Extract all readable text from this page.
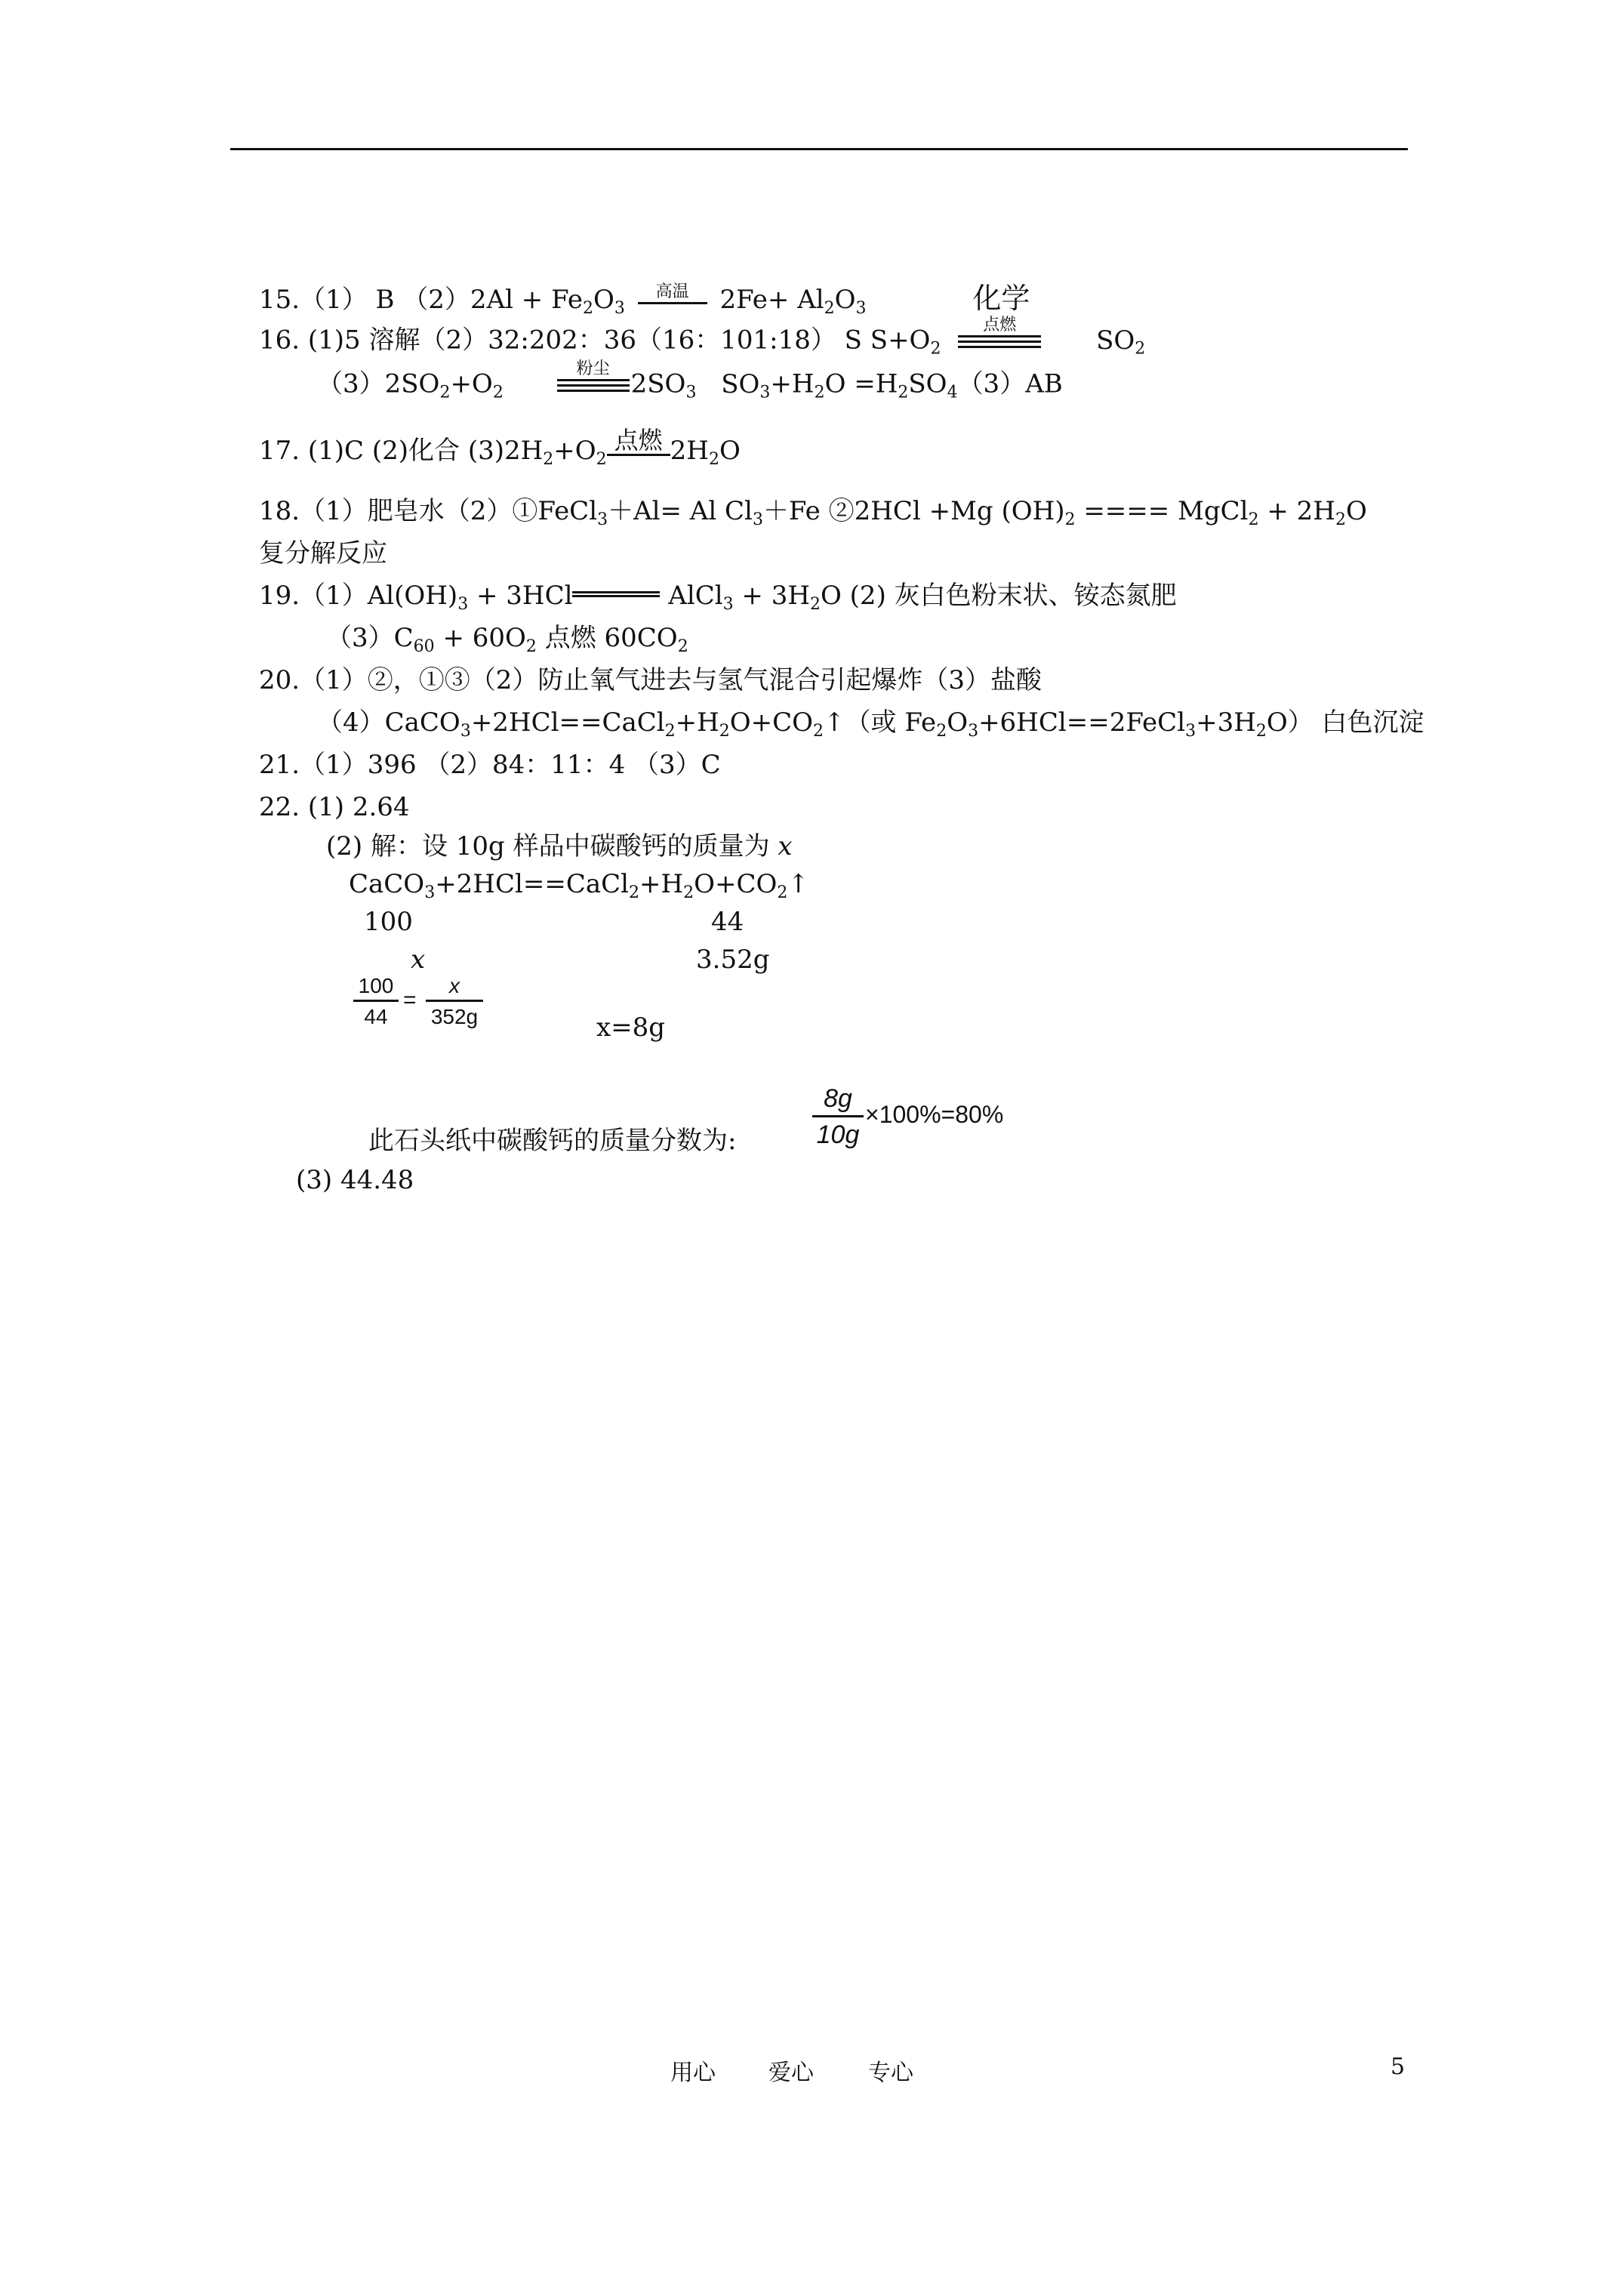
15.（1） B $(2)2Al + Fe_2O_3$
高温 $2Fe+ Al_2O_3$	化学
16. (1)5 溶解（2）32:202：36（16：101:18） S $S+O_2$
点燃	$SO_2$
$(3)2SO_2+O_2$
粉尘 $2SO_3$ $SO_3+H_2O =H_2SO_4(3)AB$
17. (1)C (2)化合 $(3)2H_2+O_2$
点燃 $2H_2O$
18.（1）肥皂水（2）①FeCl$_3$＋Al= Al $Cl_3+Fe$ ②2HCl +Mg $(OH)_2$ ==== MgCl$_2$ + $2H_2O$
复分解反应
$19.(1)Al(OH)_3 + 3HCl$	AlCl$_3$ + $3H_2O$ (2) 灰白色粉末状、铵态氮肥
$(3)C_{60} + 60O_2$ 点燃 $60CO_2$
20.（1）②，①③（2）防止氧气进去与氢气混合引起爆炸（3）盐酸
$(4)CaCO_3+2HCl==CaCl_2+H_2O+CO_2↑$（或 $Fe_2O_3+6HCl==2FeCl_3+3H_2O$） 白色沉淀
21.（1）396 （2）84：11：4 （3）C
22. (1) 2.64
(2) 解：设 10g 样品中碳酸钙的质量为 x
$CaCO_3+2HCl==CaCl_2+H_2O+CO_2↑$
100	44
x	3.52g
$\frac{100}{44} = \frac{x}{352g}$	x=8g
此石头纸中碳酸钙的质量分数为:	$\frac{8g}{10g} \times 100\%=80\%$
(3) 44.48
用心 爱心 专心	5
